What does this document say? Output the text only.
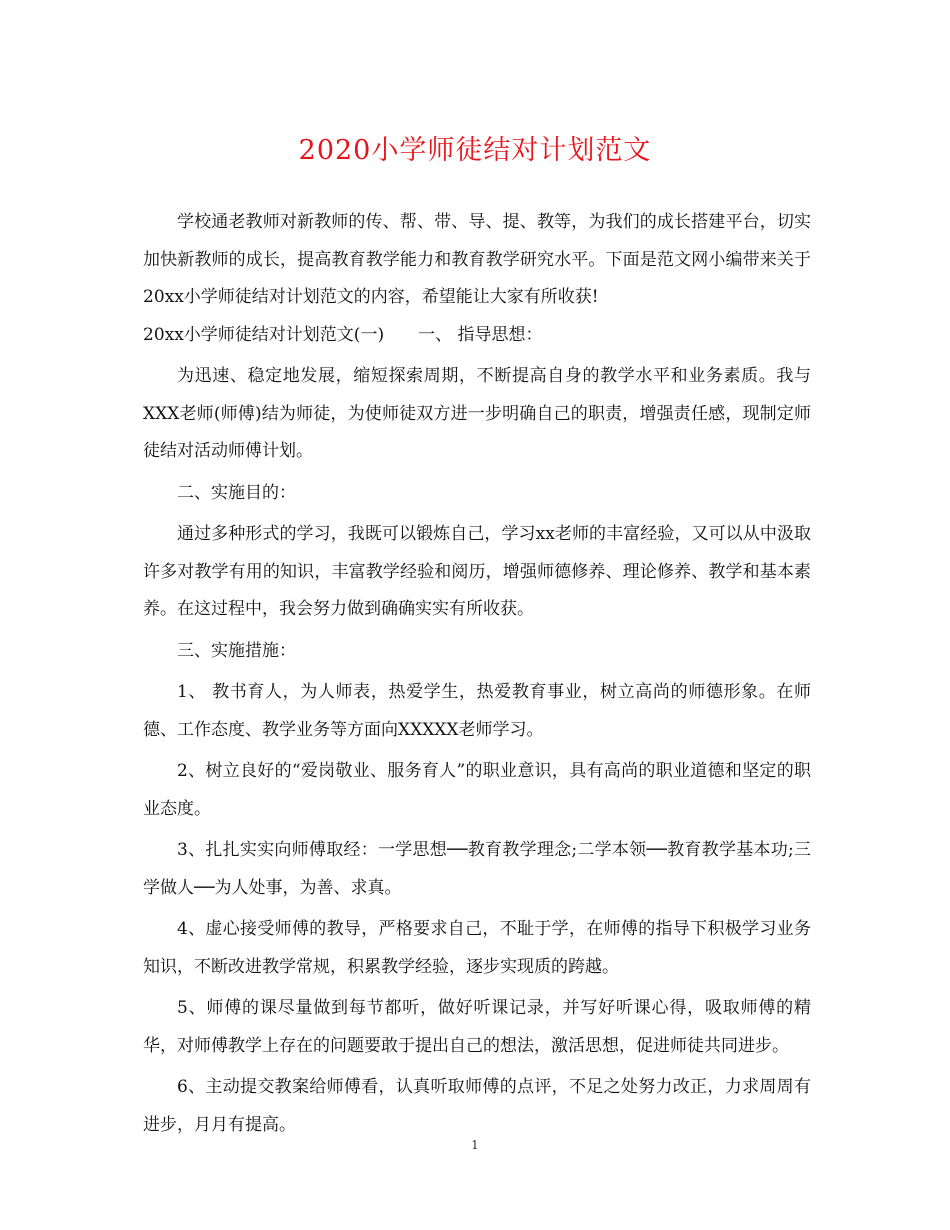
2020小学师徒结对计划范文

学校通老教师对新教师的传、帮、带、导、提、教等，为我们的成长搭建平台，切实加快新教师的成长，提高教育教学能力和教育教学研究水平。下面是范文网小编带来关于20xx小学师徒结对计划范文的内容，希望能让大家有所收获!

20xx小学师徒结对计划范文(一)　　一、 指导思想：

为迅速、稳定地发展，缩短探索周期，不断提高自身的教学水平和业务素质。我与XXX老师(师傅)结为师徒，为使师徒双方进一步明确自己的职责，增强责任感，现制定师徒结对活动师傅计划。

二、实施目的：

通过多种形式的学习，我既可以锻炼自己，学习xx老师的丰富经验，又可以从中汲取许多对教学有用的知识，丰富教学经验和阅历，增强师德修养、理论修养、教学和基本素养。在这过程中，我会努力做到确确实实有所收获。

三、实施措施：

1、 教书育人，为人师表，热爱学生，热爱教育事业，树立高尚的师德形象。在师德、工作态度、教学业务等方面向XXXXX老师学习。

2、树立良好的“爱岗敬业、服务育人”的职业意识，具有高尚的职业道德和坚定的职业态度。

3、扎扎实实向师傅取经：一学思想──教育教学理念;二学本领──教育教学基本功;三学做人──为人处事，为善、求真。

4、虚心接受师傅的教导，严格要求自己，不耻于学，在师傅的指导下积极学习业务知识，不断改进教学常规，积累教学经验，逐步实现质的跨越。

5、师傅的课尽量做到每节都听，做好听课记录，并写好听课心得，吸取师傅的精华，对师傅教学上存在的问题要敢于提出自己的想法，激活思想，促进师徒共同进步。

6、主动提交教案给师傅看，认真听取师傅的点评，不足之处努力改正，力求周周有进步，月月有提高。

1
